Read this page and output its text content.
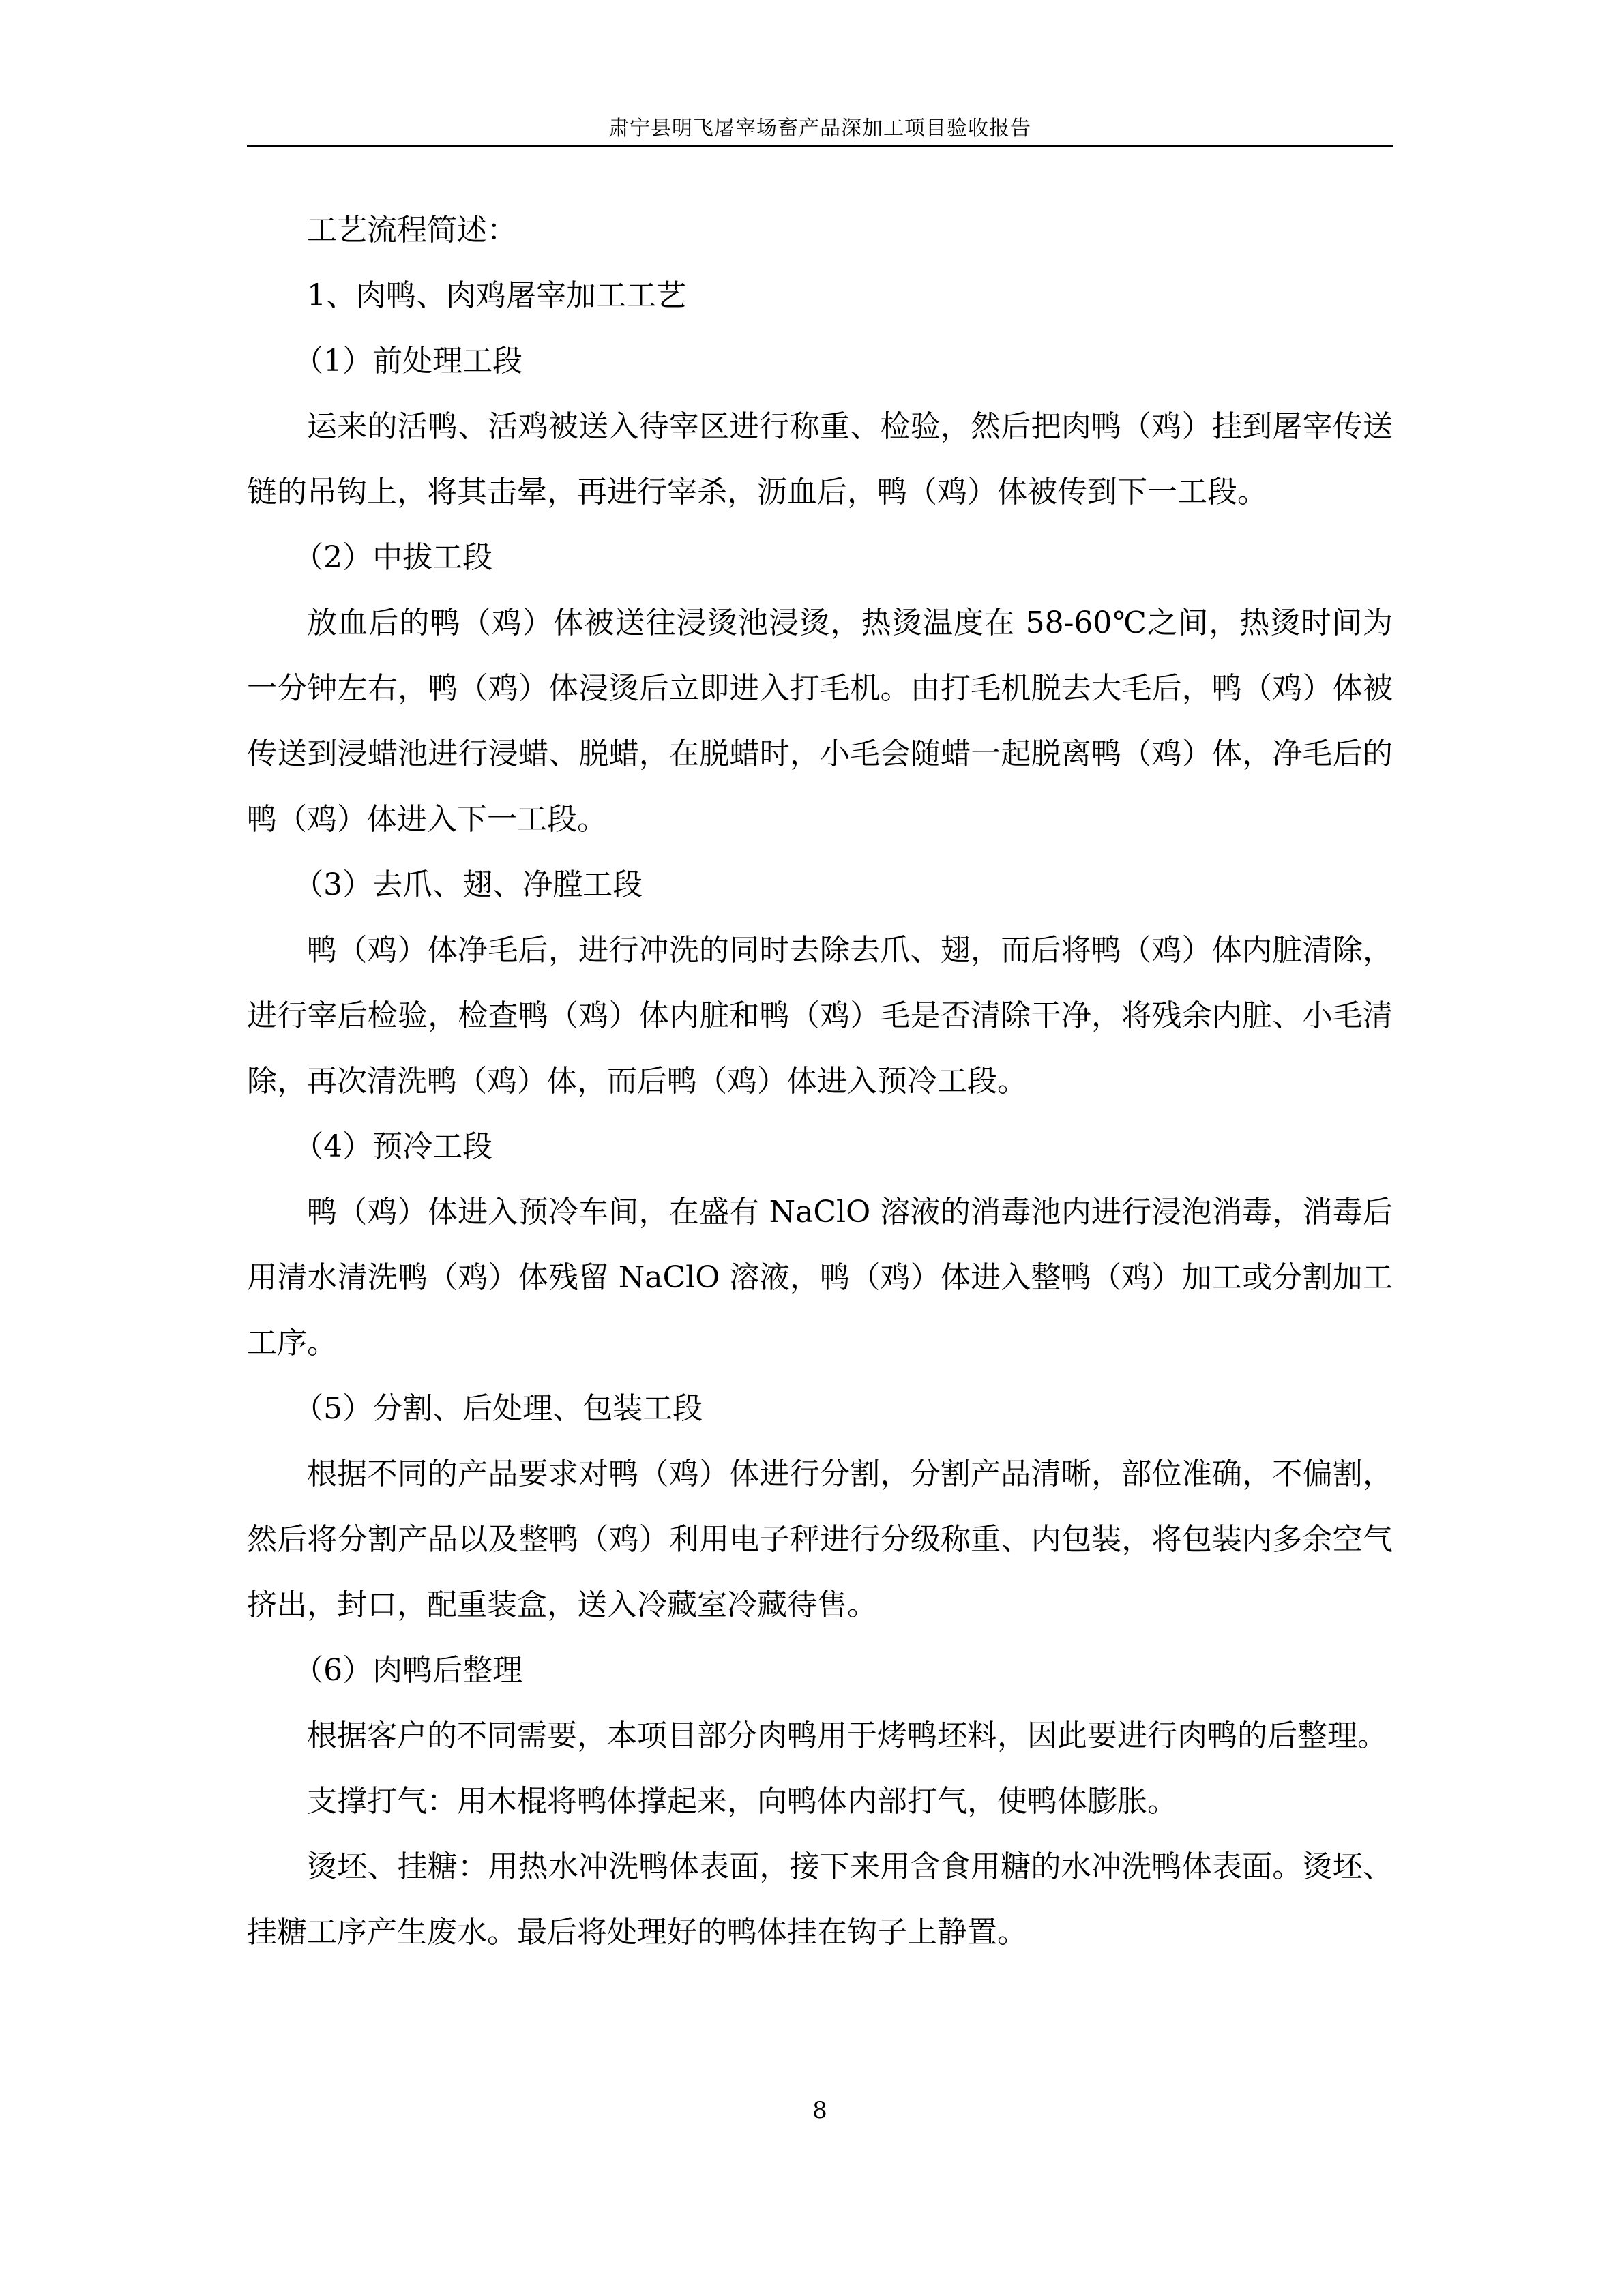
肃宁县明飞屠宰场畜产品深加工项目验收报告

工艺流程简述：

1、肉鸭、肉鸡屠宰加工工艺

（1）前处理工段

运来的活鸭、活鸡被送入待宰区进行称重、检验，然后把肉鸭（鸡）挂到屠宰传送链的吊钩上，将其击晕，再进行宰杀，沥血后，鸭（鸡）体被传到下一工段。

（2）中拔工段

放血后的鸭（鸡）体被送往浸烫池浸烫，热烫温度在 58-60℃之间，热烫时间为一分钟左右，鸭（鸡）体浸烫后立即进入打毛机。由打毛机脱去大毛后，鸭（鸡）体被传送到浸蜡池进行浸蜡、脱蜡，在脱蜡时，小毛会随蜡一起脱离鸭（鸡）体，净毛后的鸭（鸡）体进入下一工段。

（3）去爪、翅、净膛工段

鸭（鸡）体净毛后，进行冲洗的同时去除去爪、翅，而后将鸭（鸡）体内脏清除，进行宰后检验，检查鸭（鸡）体内脏和鸭（鸡）毛是否清除干净，将残余内脏、小毛清除，再次清洗鸭（鸡）体，而后鸭（鸡）体进入预冷工段。

（4）预冷工段

鸭（鸡）体进入预冷车间，在盛有 NaClO 溶液的消毒池内进行浸泡消毒，消毒后用清水清洗鸭（鸡）体残留 NaClO 溶液，鸭（鸡）体进入整鸭（鸡）加工或分割加工工序。

（5）分割、后处理、包装工段

根据不同的产品要求对鸭（鸡）体进行分割，分割产品清晰，部位准确，不偏割，然后将分割产品以及整鸭（鸡）利用电子秤进行分级称重、内包装，将包装内多余空气挤出，封口，配重装盒，送入冷藏室冷藏待售。

（6）肉鸭后整理

根据客户的不同需要，本项目部分肉鸭用于烤鸭坯料，因此要进行肉鸭的后整理。

支撑打气：用木棍将鸭体撑起来，向鸭体内部打气，使鸭体膨胀。

烫坯、挂糖：用热水冲洗鸭体表面，接下来用含食用糖的水冲洗鸭体表面。烫坯、挂糖工序产生废水。最后将处理好的鸭体挂在钩子上静置。

8
